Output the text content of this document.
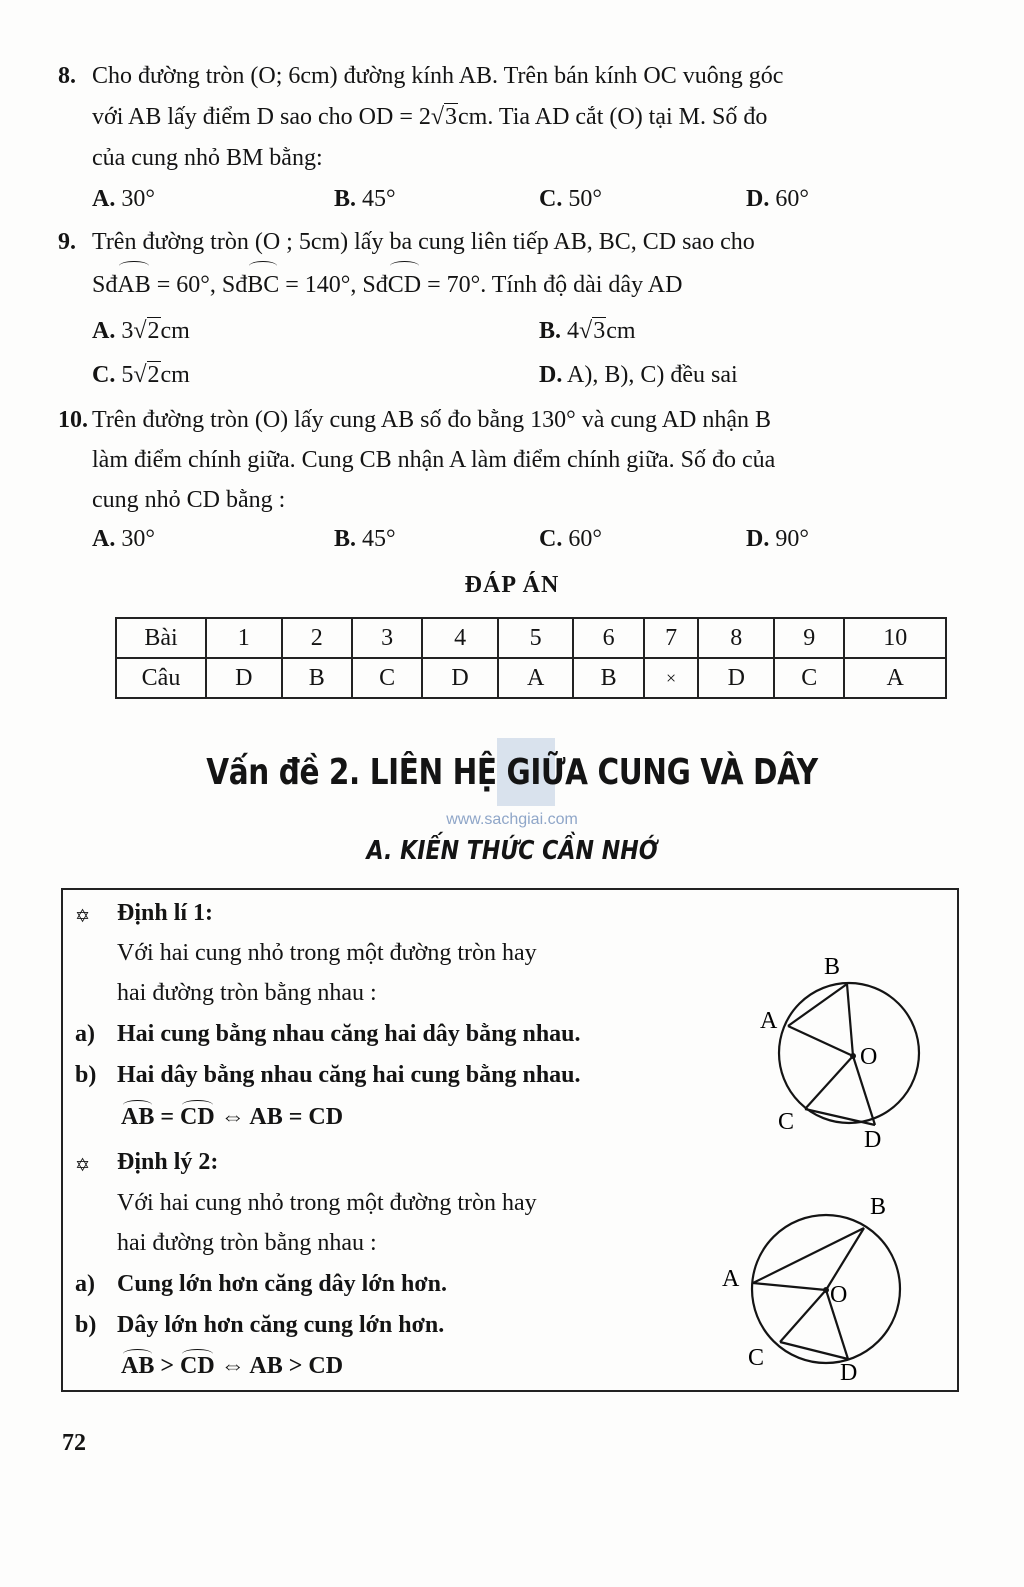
8. Cho đường tròn (O; 6cm) đường kính AB. Trên bán kính OC vuông góc
với AB lấy điểm D sao cho OD = 2√3cm. Tia AD cắt (O) tại M. Số đo
của cung nhỏ BM bằng:
A. 30°	B. 45°	C. 50°	D. 60°
9. Trên đường tròn (O ; 5cm) lấy ba cung liên tiếp AB, BC, CD sao cho
SđAB = 60°, SđBC = 140°, SđCD = 70°. Tính độ dài dây AD
A. 3√2cm	B. 4√3cm
C. 5√2cm	D. A), B), C) đều sai
10. Trên đường tròn (O) lấy cung AB số đo bằng 130° và cung AD nhận B
làm điểm chính giữa. Cung CB nhận A làm điểm chính giữa. Số đo của
cung nhỏ CD bằng :
A. 30°	B. 45°	C. 60°	D. 90°
ĐÁP ÁN
Bài	1	2	3	4	5	6	7	8	9	10
Câu	D	B	C	D	A	B	×	D	C	A
Vấn đề 2. LIÊN HỆ GIỮA CUNG VÀ DÂY
www.sachgiai.com
A. KIẾN THỨC CẦN NHỚ
✡ Định lí 1:
Với hai cung nhỏ trong một đường tròn hay
hai đường tròn bằng nhau :
a) Hai cung bằng nhau căng hai dây bằng nhau.
b) Hai dây bằng nhau căng hai cung bằng nhau.
AB = CD ⇔ AB = CD
✡ Định lý 2:
Với hai cung nhỏ trong một đường tròn hay
hai đường tròn bằng nhau :
a) Cung lớn hơn căng dây lớn hơn.
b) Dây lớn hơn căng cung lớn hơn.
AB > CD ⇔ AB > CD
B
A
O
C
D
B
A
O
C
D
72
